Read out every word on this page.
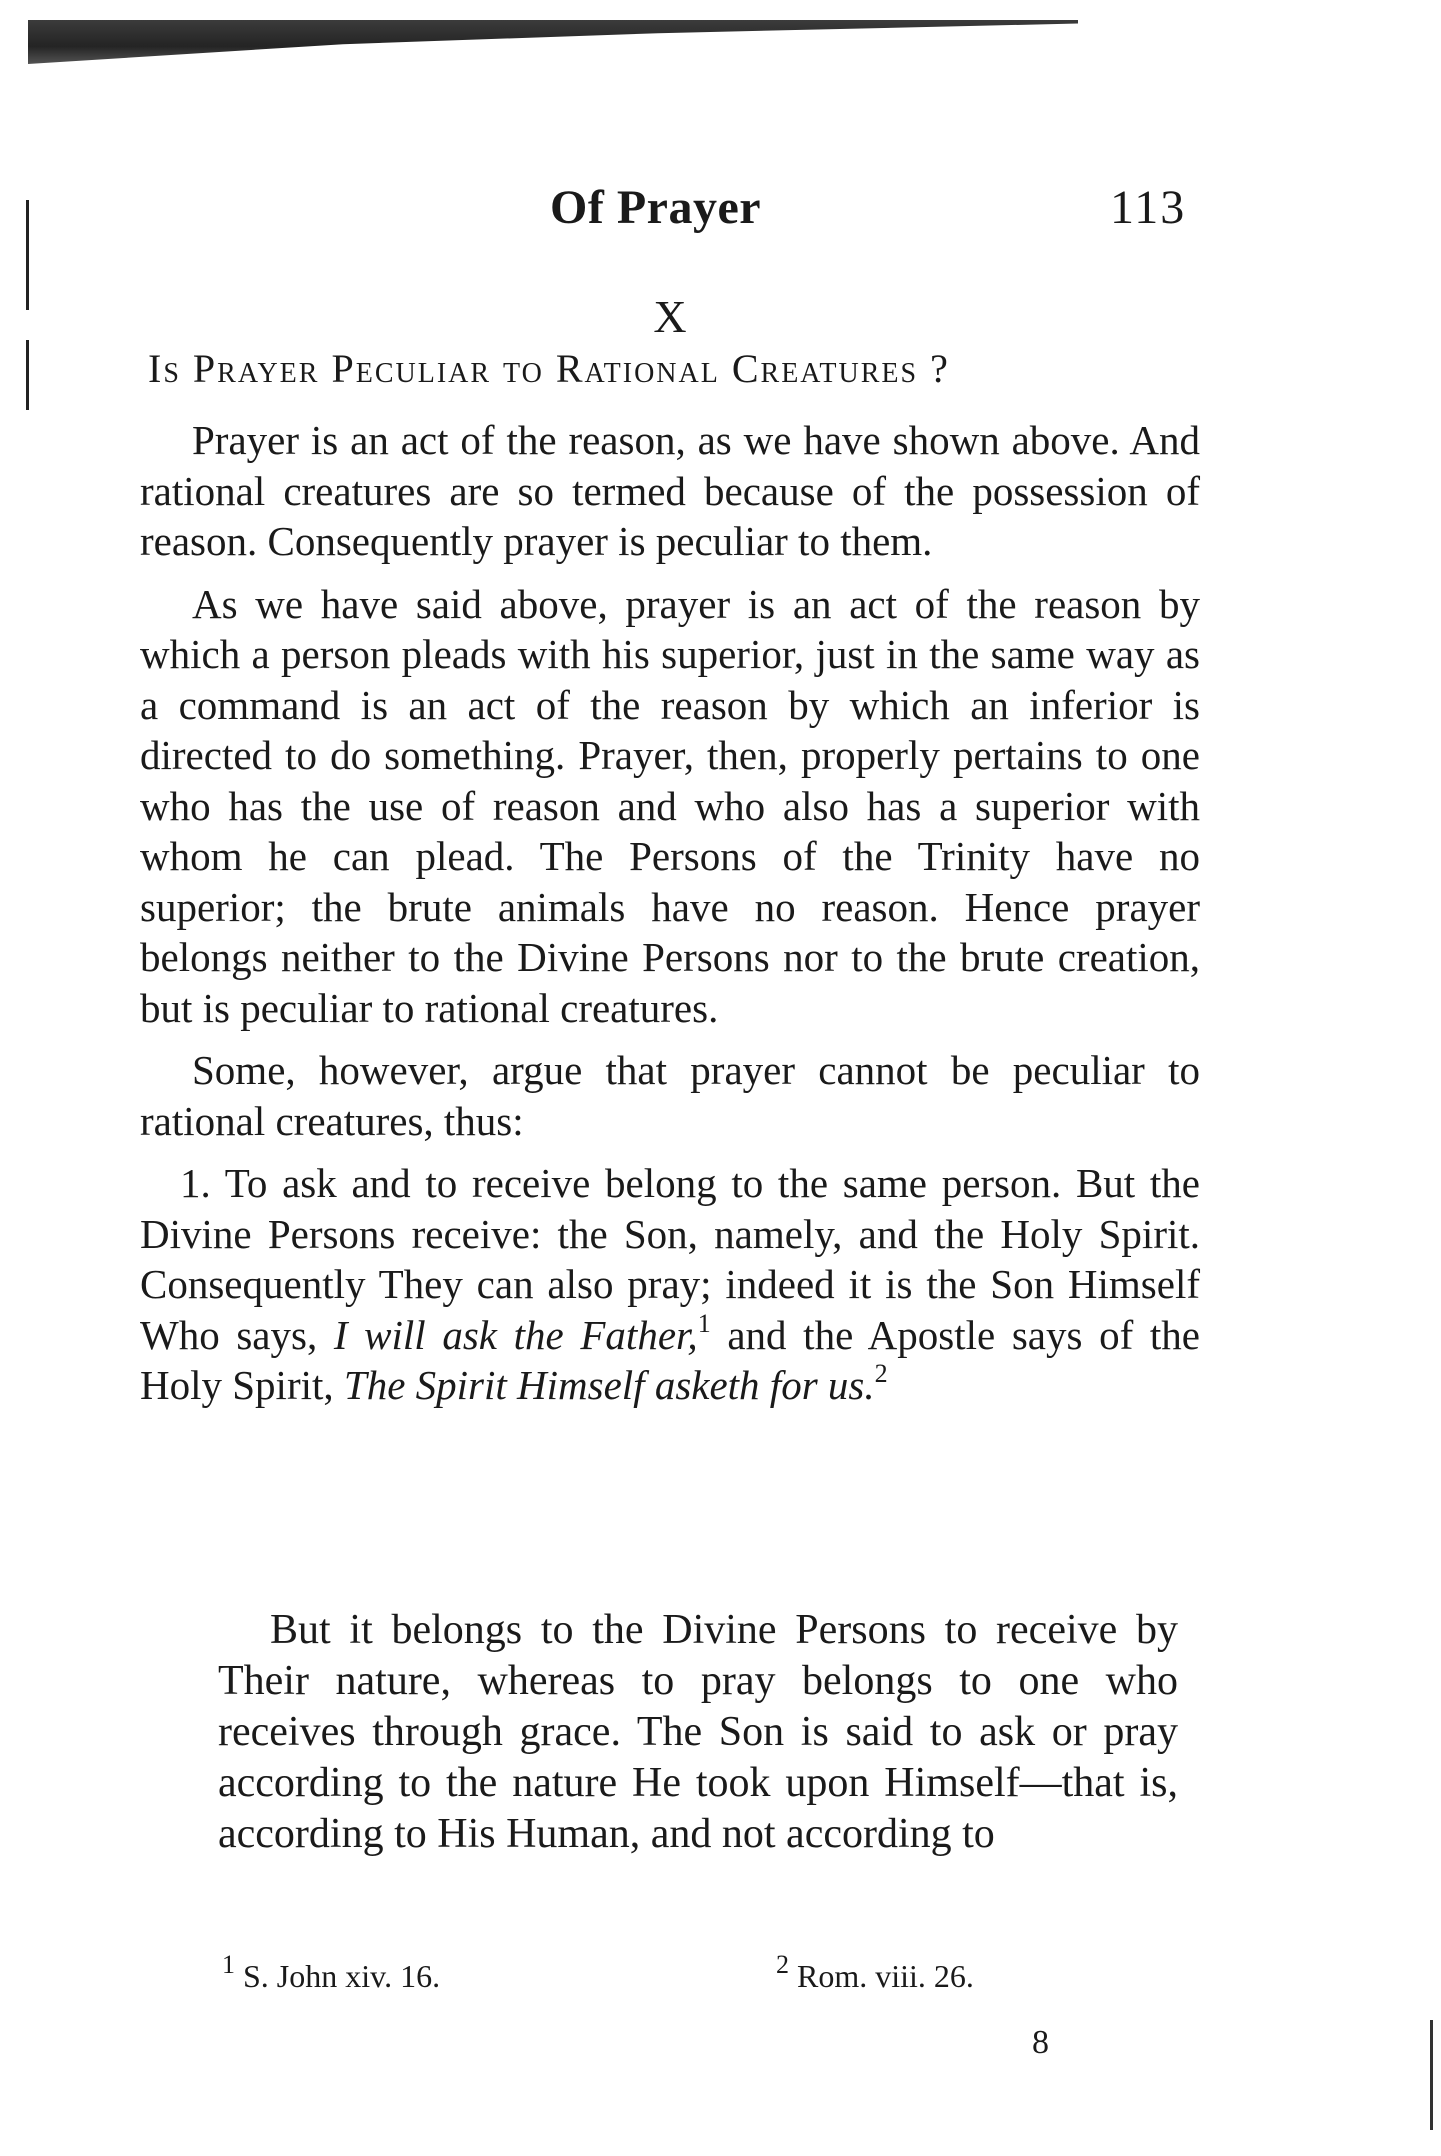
Of Prayer	113
X
Is Prayer Peculiar to Rational Creatures ?

Prayer is an act of the reason, as we have shown above. And rational creatures are so termed because of the possession of reason. Consequently prayer is peculiar to them.

As we have said above, prayer is an act of the reason by which a person pleads with his superior, just in the same way as a command is an act of the reason by which an inferior is directed to do something. Prayer, then, properly pertains to one who has the use of reason and who also has a superior with whom he can plead. The Persons of the Trinity have no superior; the brute animals have no reason. Hence prayer belongs neither to the Divine Persons nor to the brute creation, but is peculiar to rational creatures.

Some, however, argue that prayer cannot be peculiar to rational creatures, thus:

1. To ask and to receive belong to the same person. But the Divine Persons receive: the Son, namely, and the Holy Spirit. Consequently They can also pray; indeed it is the Son Himself Who says, I will ask the Father,$^1$ and the Apostle says of the Holy Spirit, The Spirit Himself asketh for us.$^2$

But it belongs to the Divine Persons to receive by Their nature, whereas to pray belongs to one who receives through grace. The Son is said to ask or pray according to the nature He took upon Himself—that is, according to His Human, and not according to

$^1$ S. John xiv. 16.	$^2$ Rom. viii. 26.
8
